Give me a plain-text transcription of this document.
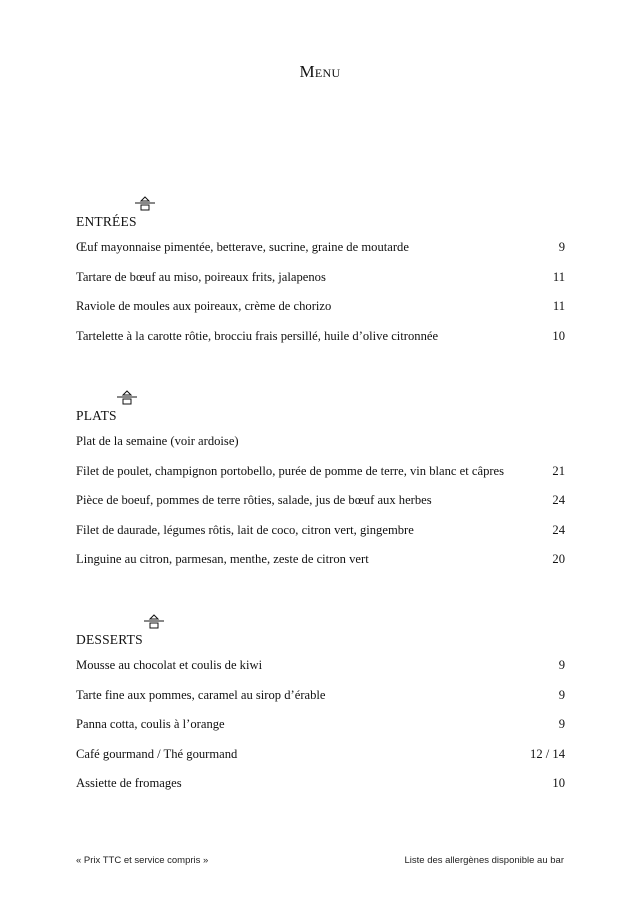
Menu
ENTRÉES
Œuf mayonnaise pimentée, betterave, sucrine, graine de moutarde	9
Tartare de bœuf au miso, poireaux frits, jalapenos	11
Raviole de moules aux poireaux, crème de chorizo	11
Tartelette à la carotte rôtie, brocciu frais persillé, huile d’olive citronnée	10
PLATS
Plat de la semaine (voir ardoise)
Filet de poulet, champignon portobello, purée de pomme de terre, vin blanc et câpres	21
Pièce de boeuf, pommes de terre rôties, salade, jus de bœuf aux herbes	24
Filet de daurade, légumes rôtis, lait de coco, citron vert, gingembre	24
Linguine au citron, parmesan, menthe, zeste de citron vert	20
DESSERTS
Mousse au chocolat et coulis de kiwi	9
Tarte fine aux pommes, caramel au sirop d’érable	9
Panna cotta, coulis à l’orange	9
Café gourmand / Thé gourmand	12 / 14
Assiette de fromages	10
« Prix TTC et service compris »	Liste des allergènes disponible au bar
